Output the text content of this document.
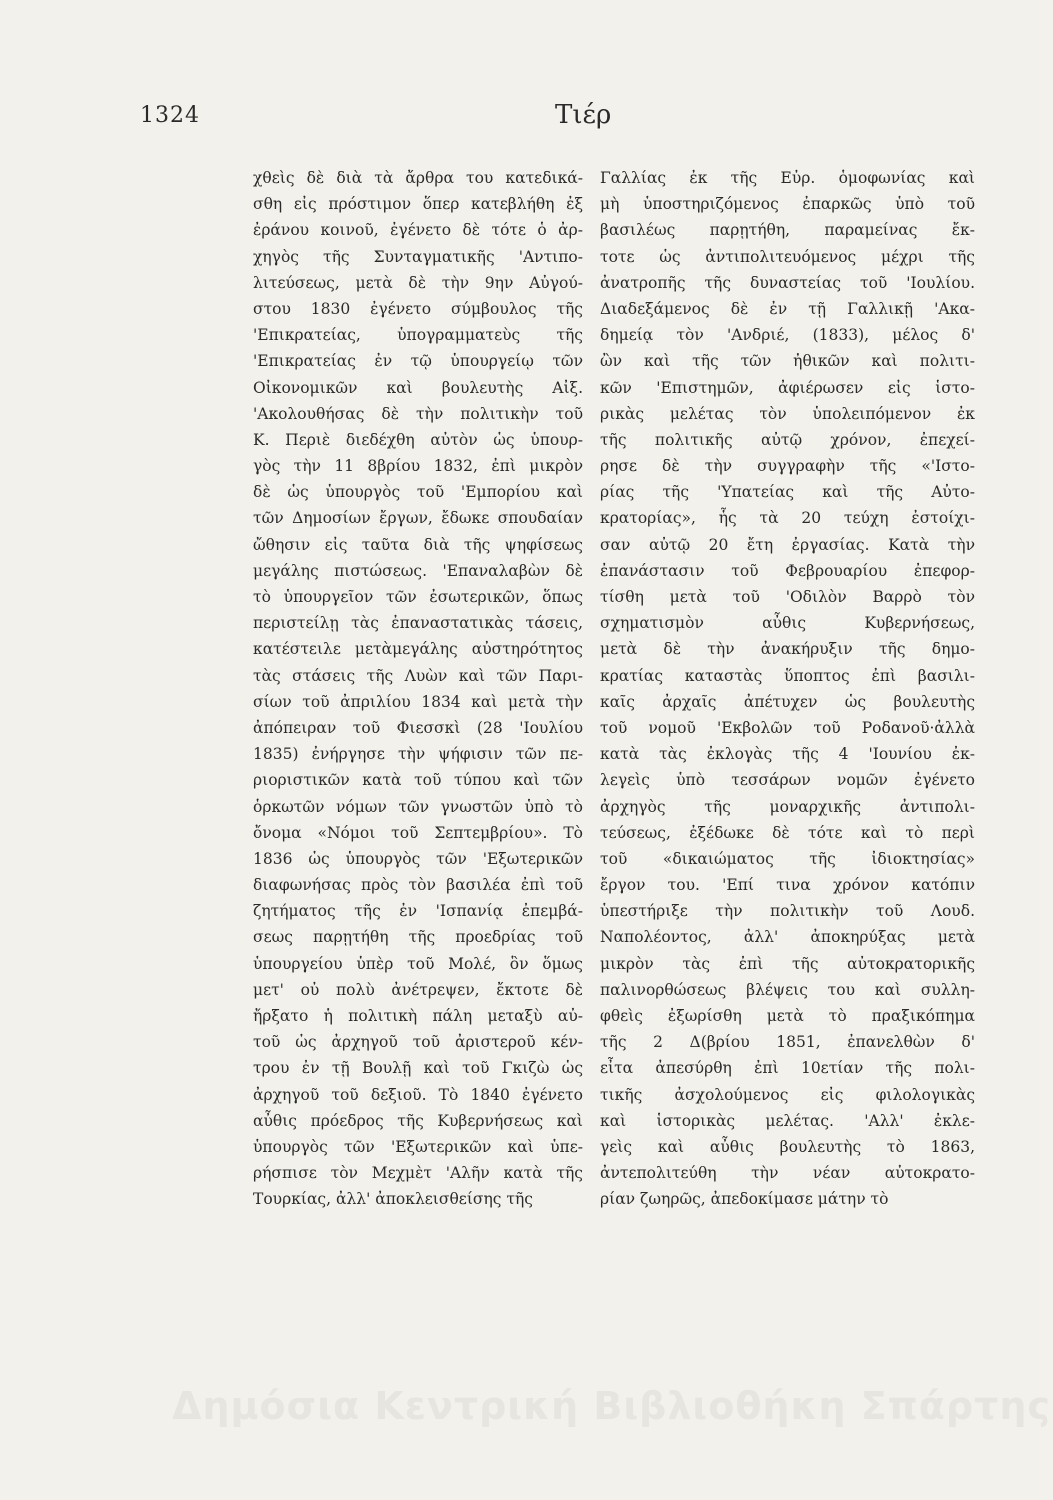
1324	Τιέρ
χθεὶς δὲ διὰ τὰ ἄρθρα του κατεδικά-
σθη εἰς πρόστιμον ὅπερ κατεβλήθη ἐξ
ἐράνου κοινοῦ, ἐγένετο δὲ τότε ὁ ἀρ-
χηγὸς τῆς Συνταγματικῆς 'Αντιπο-
λιτεύσεως, μετὰ δὲ τὴν 9ην Αὐγού-
στου 1830 ἐγένετο σύμβουλος τῆς
'Επικρατείας, ὑπογραμματεὺς τῆς
'Επικρατείας ἐν τῷ ὑπουργείῳ τῶν
Οἰκονομικῶν καὶ βουλευτὴς Αἰξ.
'Ακολουθήσας δὲ τὴν πολιτικὴν τοῦ
Κ. Περιὲ διεδέχθη αὐτὸν ὡς ὑπουρ-
γὸς τὴν 11 8βρίου 1832, ἐπὶ μικρὸν
δὲ ὡς ὑπουργὸς τοῦ 'Εμπορίου καὶ
τῶν Δημοσίων ἔργων, ἔδωκε σπουδαίαν
ὤθησιν εἰς ταῦτα διὰ τῆς ψηφίσεως
μεγάλης πιστώσεως. 'Επαναλαβὼν δὲ
τὸ ὑπουργεῖον τῶν ἐσωτερικῶν, ὅπως
περιστείλῃ τὰς ἐπαναστατικὰς τάσεις,
κατέστειλε μετὰμεγάλης αὐστηρότητος
τὰς στάσεις τῆς Λυὼν καὶ τῶν Παρι-
σίων τοῦ ἀπριλίου 1834 καὶ μετὰ τὴν
ἀπόπειραν τοῦ Φιεσσκὶ (28 'Ιουλίου
1835) ἐνήργησε τὴν ψήφισιν τῶν πε-
ριοριστικῶν κατὰ τοῦ τύπου καὶ τῶν
ὁρκωτῶν νόμων τῶν γνωστῶν ὑπὸ τὸ
ὄνομα «Νόμοι τοῦ Σεπτεμβρίου». Τὸ
1836 ὡς ὑπουργὸς τῶν 'Εξωτερικῶν
διαφωνήσας πρὸς τὸν βασιλέα ἐπὶ τοῦ
ζητήματος τῆς ἐν 'Ισπανίᾳ ἐπεμβά-
σεως παρῃτήθη τῆς προεδρίας τοῦ
ὑπουργείου ὑπὲρ τοῦ Μολέ, ὃν ὅμως
μετ' οὐ πολὺ ἀνέτρεψεν, ἔκτοτε δὲ
ἤρξατο ἡ πολιτικὴ πάλη μεταξὺ αὐ-
τοῦ ὡς ἀρχηγοῦ τοῦ ἀριστεροῦ κέν-
τρου ἐν τῇ Βουλῇ καὶ τοῦ Γκιζὼ ὡς
ἀρχηγοῦ τοῦ δεξιοῦ. Τὸ 1840 ἐγένετο
αὖθις πρόεδρος τῆς Κυβερνήσεως καὶ
ὑπουργὸς τῶν 'Εξωτερικῶν καὶ ὑπε-
ρήσπισε τὸν Μεχμὲτ 'Αλῆν κατὰ τῆς
Τουρκίας, ἀλλ' ἀποκλεισθείσης τῆς
Γαλλίας ἐκ τῆς Εὐρ. ὁμοφωνίας καὶ
μὴ ὑποστηριζόμενος ἐπαρκῶς ὑπὸ τοῦ
βασιλέως παρῃτήθη, παραμείνας ἔκ-
τοτε ὡς ἀντιπολιτευόμενος μέχρι τῆς
ἀνατροπῆς τῆς δυναστείας τοῦ 'Ιουλίου.
Διαδεξάμενος δὲ ἐν τῇ Γαλλικῇ 'Ακα-
δημείᾳ τὸν 'Ανδριέ, (1833), μέλος δ'
ὢν καὶ τῆς τῶν ἠθικῶν καὶ πολιτι-
κῶν 'Επιστημῶν, ἀφιέρωσεν εἰς ἱστο-
ρικὰς μελέτας τὸν ὑπολειπόμενον ἐκ
τῆς πολιτικῆς αὐτῷ χρόνον, ἐπεχεί-
ρησε δὲ τὴν συγγραφὴν τῆς «'Ιστο-
ρίας τῆς 'Υπατείας καὶ τῆς Αὐτο-
κρατορίας», ἧς τὰ 20 τεύχη ἐστοίχι-
σαν αὐτῷ 20 ἔτη ἐργασίας. Κατὰ τὴν
ἐπανάστασιν τοῦ Φεβρουαρίου ἐπεφορ-
τίσθη μετὰ τοῦ 'Οδιλὸν Βαρρὸ τὸν
σχηματισμὸν αὖθις Κυβερνήσεως,
μετὰ δὲ τὴν ἀνακήρυξιν τῆς δημο-
κρατίας καταστὰς ὕποπτος ἐπὶ βασιλι-
καῖς ἀρχαῖς ἀπέτυχεν ὡς βουλευτὴς
τοῦ νομοῦ 'Εκβολῶν τοῦ Ροδανοῦ·ἀλλὰ
κατὰ τὰς ἐκλογὰς τῆς 4 'Ιουνίου ἐκ-
λεγεὶς ὑπὸ τεσσάρων νομῶν ἐγένετο
ἀρχηγὸς τῆς μοναρχικῆς ἀντιπολι-
τεύσεως, ἐξέδωκε δὲ τότε καὶ τὸ περὶ
τοῦ «δικαιώματος τῆς ἰδιοκτησίας»
ἔργον του. 'Επί τινα χρόνον κατόπιν
ὑπεστήριξε τὴν πολιτικὴν τοῦ Λουδ.
Ναπολέοντος, ἀλλ' ἀποκηρύξας μετὰ
μικρὸν τὰς ἐπὶ τῆς αὐτοκρατορικῆς
παλινορθώσεως βλέψεις του καὶ συλλη-
φθεὶς ἐξωρίσθη μετὰ τὸ πραξικόπημα
τῆς 2 Δ(βρίου 1851, ἐπανελθὼν δ'
εἶτα ἀπεσύρθη ἐπὶ 10ετίαν τῆς πολι-
τικῆς ἀσχολούμενος εἰς φιλολογικὰς
καὶ ἱστορικὰς μελέτας. 'Αλλ' ἐκλε-
γεὶς καὶ αὖθις βουλευτὴς τὸ 1863,
ἀντεπολιτεύθη τὴν νέαν αὐτοκρατο-
ρίαν ζωηρῶς, ἀπεδοκίμασε μάτην τὸ
Δημόσια Κεντρική Βιβλιοθήκη Σπάρτης
